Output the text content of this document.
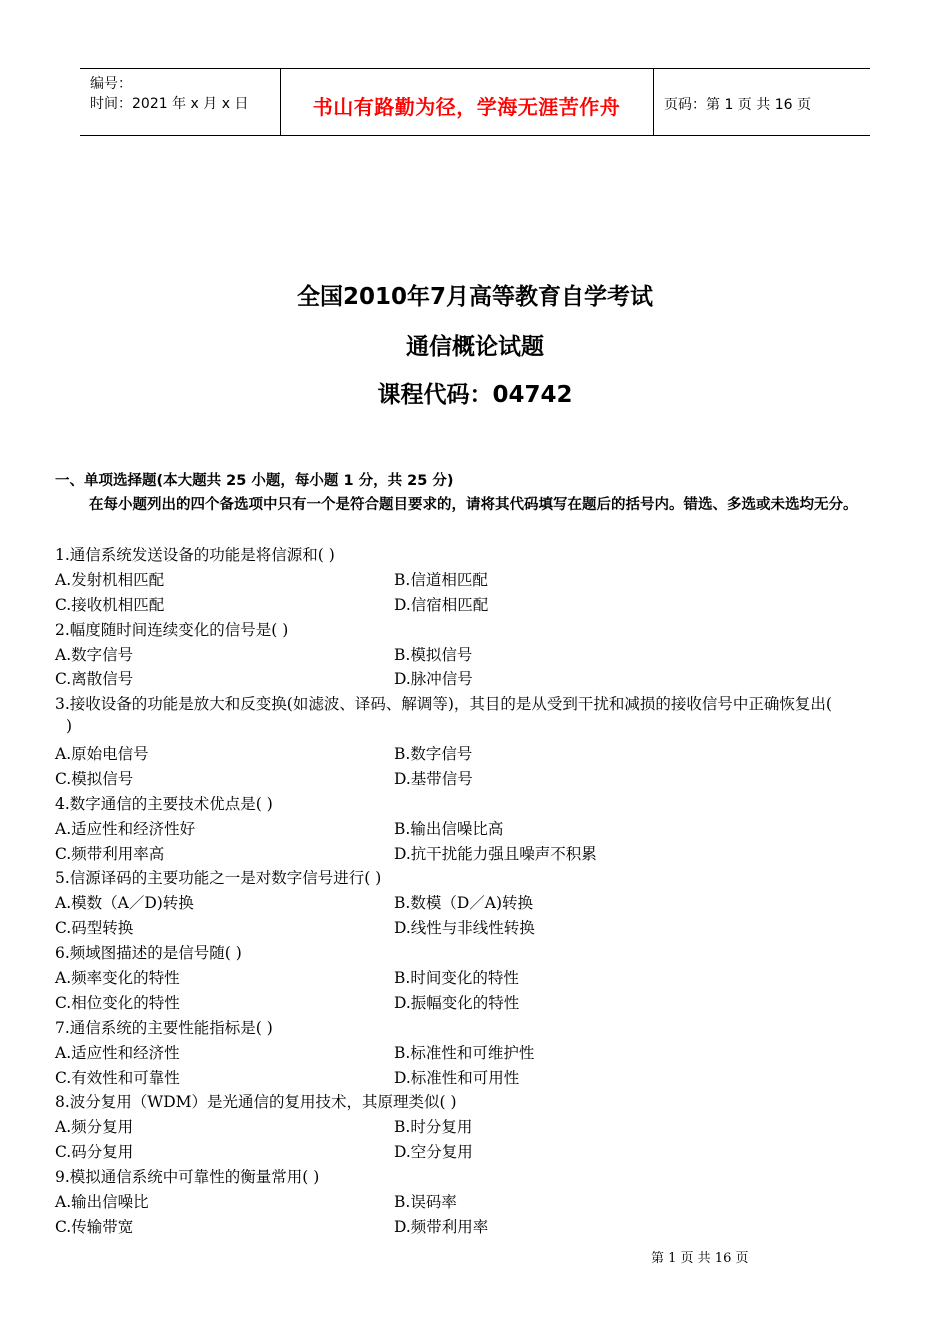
编号：
时间：2021 年 x 月 x 日	书山有路勤为径，学海无涯苦作舟	页码：第 1 页 共 16 页
全国2010年7月高等教育自学考试
通信概论试题
课程代码：04742
一、单项选择题(本大题共 25 小题，每小题 1 分，共 25 分)
在每小题列出的四个备选项中只有一个是符合题目要求的，请将其代码填写在题后的括号内。错选、多选或未选均无分。
1.通信系统发送设备的功能是将信源和( )
A.发射机相匹配	B.信道相匹配
C.接收机相匹配	D.信宿相匹配
2.幅度随时间连续变化的信号是( )
A.数字信号	B.模拟信号
C.离散信号	D.脉冲信号
3.接收设备的功能是放大和反变换(如滤波、译码、解调等)，其目的是从受到干扰和减损的接收信号中正确恢复出(
)
A.原始电信号	B.数字信号
C.模拟信号	D.基带信号
4.数字通信的主要技术优点是( )
A.适应性和经济性好	B.输出信噪比高
C.频带利用率高	D.抗干扰能力强且噪声不积累
5.信源译码的主要功能之一是对数字信号进行( )
A.模数（A／D)转换	B.数模（D／A)转换
C.码型转换	D.线性与非线性转换
6.频域图描述的是信号随( )
A.频率变化的特性	B.时间变化的特性
C.相位变化的特性	D.振幅变化的特性
7.通信系统的主要性能指标是( )
A.适应性和经济性	B.标准性和可维护性
C.有效性和可靠性	D.标准性和可用性
8.波分复用（WDM）是光通信的复用技术，其原理类似( )
A.频分复用	B.时分复用
C.码分复用	D.空分复用
9.模拟通信系统中可靠性的衡量常用( )
A.输出信噪比	B.误码率
C.传输带宽	D.频带利用率
第 1 页 共 16 页
